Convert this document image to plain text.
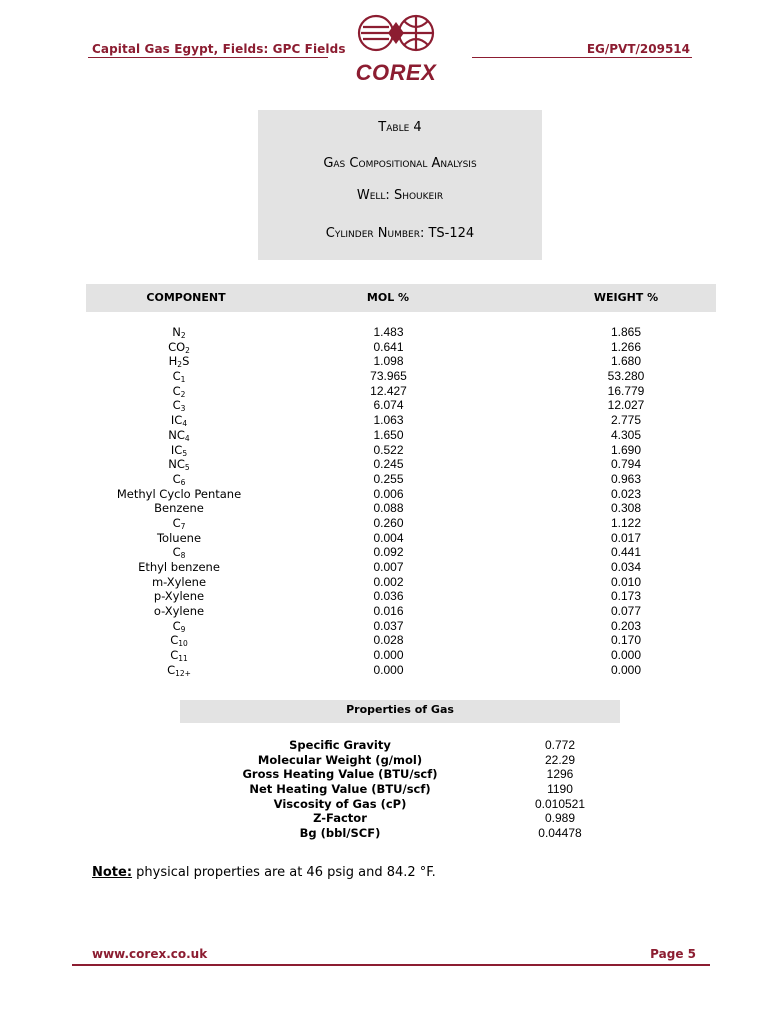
Capital Gas Egypt, Fields: GPC Fields	EG/PVT/209514
COREX
Table 4
Gas Compositional Analysis
Well: Shoukeir
Cylinder Number: TS-124
COMPONENT	MOL %	WEIGHT %
$N_2$	1.483	1.865
$CO_2$	0.641	1.266
$H_2S$	1.098	1.680
$C_1$	73.965	53.280
$C_2$	12.427	16.779
$C_3$	6.074	12.027
$IC_4$	1.063	2.775
$NC_4$	1.650	4.305
$IC_5$	0.522	1.690
$NC_5$	0.245	0.794
$C_6$	0.255	0.963
Methyl Cyclo Pentane	0.006	0.023
Benzene	0.088	0.308
$C_7$	0.260	1.122
Toluene	0.004	0.017
$C_8$	0.092	0.441
Ethyl benzene	0.007	0.034
m-Xylene	0.002	0.010
p-Xylene	0.036	0.173
o-Xylene	0.016	0.077
$C_9$	0.037	0.203
$C_{10}$	0.028	0.170
$C_{11}$	0.000	0.000
$C_{12+}$	0.000	0.000
Properties of Gas
Specific Gravity	0.772
Molecular Weight (g/mol)	22.29
Gross Heating Value (BTU/scf)	1296
Net Heating Value (BTU/scf)	1190
Viscosity of Gas (cP)	0.010521
Z-Factor	0.989
Bg (bbl/SCF)	0.04478
Note: physical properties are at 46 psig and 84.2 °F.
www.corex.co.uk	Page 5
